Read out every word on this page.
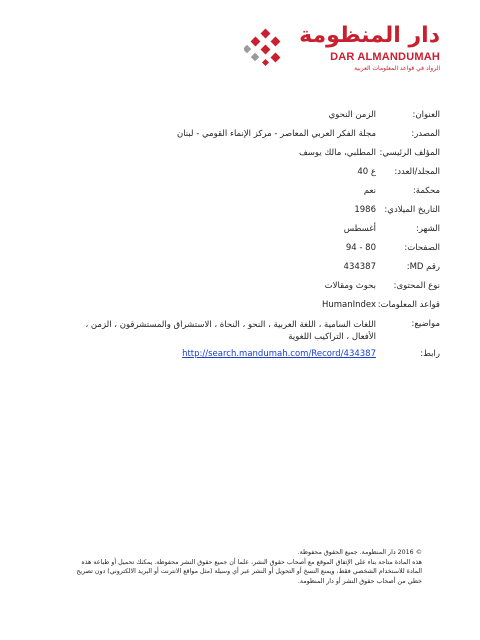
دار المنظومة
DAR ALMANDUMAH
الرواد في قواعد المعلومات العربية
العنوان:	الزمن النحوي
المصدر:	مجلة الفكر العربي المعاصر - مركز الإنماء القومي - لبنان
المؤلف الرئيسي:	المطلبي، مالك يوسف
المجلد/العدد:	ع 40
محكمة:	نعم
التاريخ الميلادي:	1986
الشهر:	أغسطس
الصفحات:	80 - 94
رقم MD:	434387
نوع المحتوى:	بحوث ومقالات
قواعد المعلومات:	HumanIndex
مواضيع:	اللغات السامية ، اللغة العربية ، النحو ، النحاة ، الاستشراق والمستشرقون ، الزمن ، الأفعال ، التراكيب اللغوية
رابط:	http://search.mandumah.com/Record/434387
© 2016 دار المنظومة. جميع الحقوق محفوظة.
هذه المادة متاحة بناء على الإتفاق الموقع مع أصحاب حقوق النشر، علما أن جميع حقوق النشر محفوظة. يمكنك تحميل أو طباعة هذه المادة للاستخدام الشخصي فقط، ويمنع النسخ أو التحويل أو النشر عبر أي وسيلة (مثل مواقع الانترنت أو البريد الالكتروني) دون تصريح خطي من أصحاب حقوق النشر أو دار المنظومة.
